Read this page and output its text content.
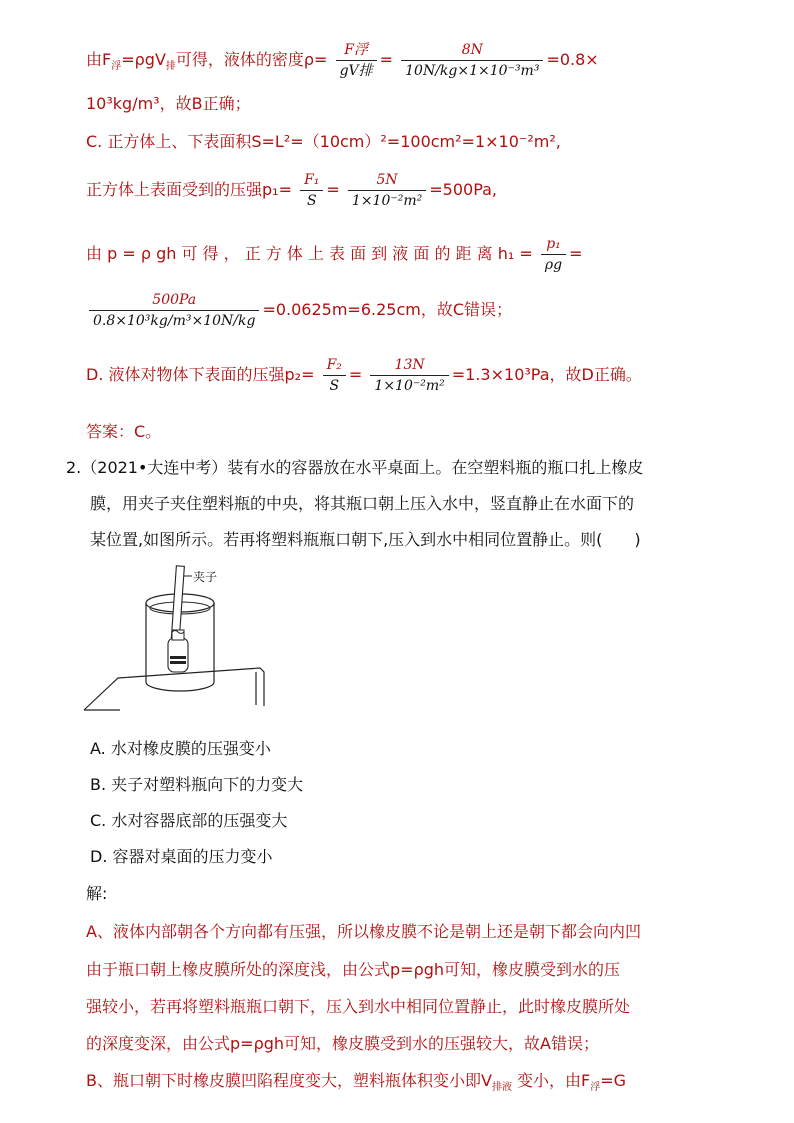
由$F_浮=\rho gV_排$可得，液体的密度$\rho= \frac{\text{F浮}}{\text{gV排}} = \frac{8N}{\text{10N/kg×1×10⁻³m³}} =0.8\times$
10³kg/m³，故B正确；
C. 正方体上、下表面积S=L²=（10cm）²=100cm²=1×10⁻²m²,
正方体上表面受到的压强$p_1= \frac{\text{F₁}}{S} = \frac{5N}{\text{1×10⁻²m²}} =500Pa$,
由 p = ρ gh 可 得 ， 正 方 体 上 表 面 到 液 面 的 距 离 $h_1 = \frac{\text{p₁}}{\rho g}$ =
$\frac{500Pa}{\text{0.8×10³kg/m³×10N/kg}} =0.0625m=6.25cm$，故C错误；
D. 液体对物体下表面的压强$p_2= \frac{\text{F₂}}{S} = \frac{13N}{\text{1×10⁻²m²}} =1.3\times 10^3Pa$，故D正确。
答案：C。
2.（2021•大连中考）装有水的容器放在水平桌面上。在空塑料瓶的瓶口扎上橡皮
膜，用夹子夹住塑料瓶的中央，将其瓶口朝上压入水中，竖直静止在水面下的
某位置,如图所示。若再将塑料瓶瓶口朝下,压入到水中相同位置静止。则(　　)
夹子
A. 水对橡皮膜的压强变小
B. 夹子对塑料瓶向下的力变大
C. 水对容器底部的压强变大
D. 容器对桌面的压力变小
解:
A、液体内部朝各个方向都有压强，所以橡皮膜不论是朝上还是朝下都会向内凹
由于瓶口朝上橡皮膜所处的深度浅，由公式p=ρgh可知，橡皮膜受到水的压
强较小，若再将塑料瓶瓶口朝下，压入到水中相同位置静止，此时橡皮膜所处
的深度变深，由公式p=ρgh可知，橡皮膜受到水的压强较大，故A错误；
B、瓶口朝下时橡皮膜凹陷程度变大，塑料瓶体积变小即$V_{排液}$ 变小，由$F_浮=G$
